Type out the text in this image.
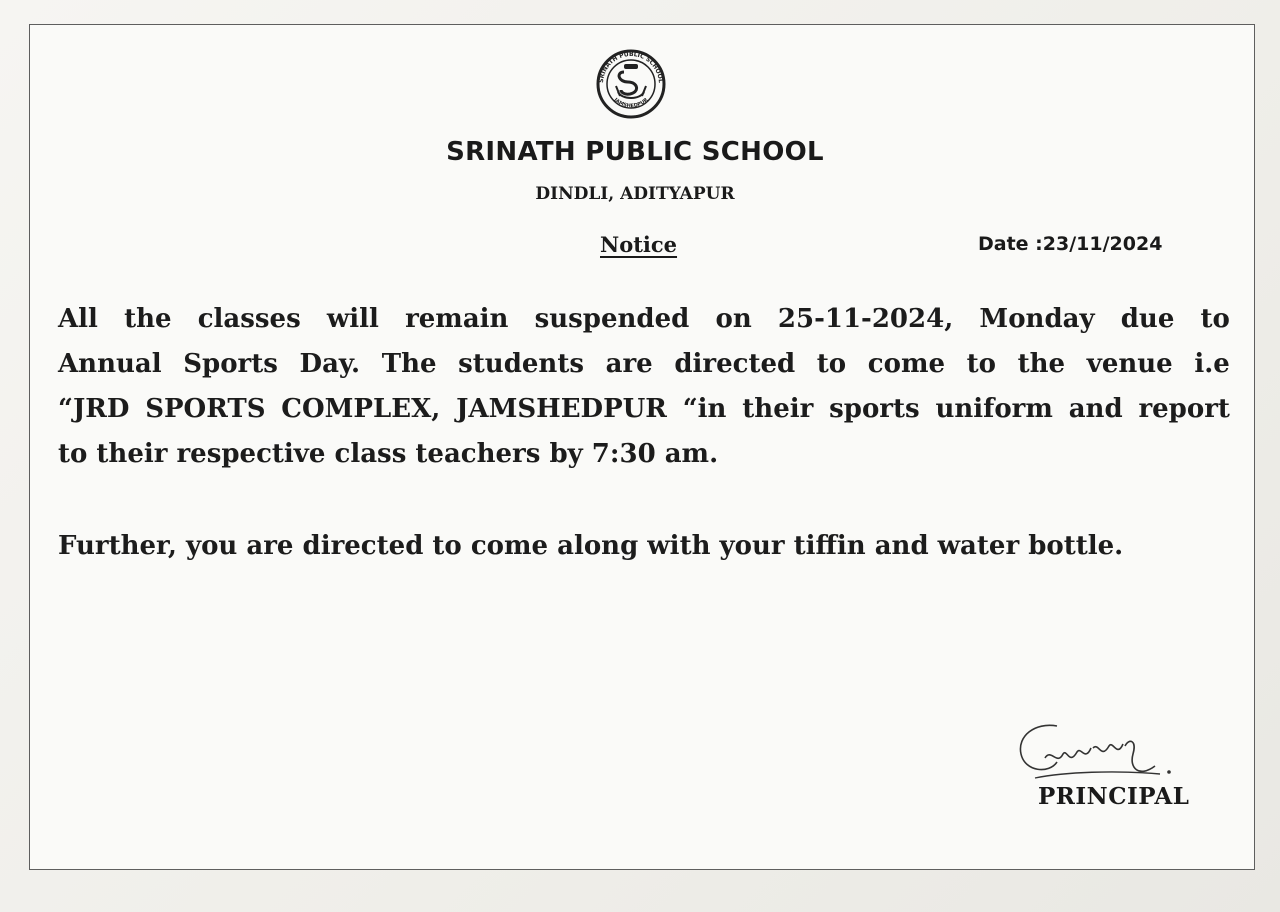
SRINATH PUBLIC SCHOOL
JAMSHEDPUR
SRINATH PUBLIC SCHOOL
DINDLI, ADITYAPUR
Notice	Date :23/11/2024
All the classes will remain suspended on 25-11-2024, Monday due to
Annual Sports Day. The students are directed to come to the venue i.e
“JRD SPORTS COMPLEX, JAMSHEDPUR “in their sports uniform and report
to their respective class teachers by 7:30 am.
Further, you are directed to come along with your tiffin and water bottle.
PRINCIPAL
